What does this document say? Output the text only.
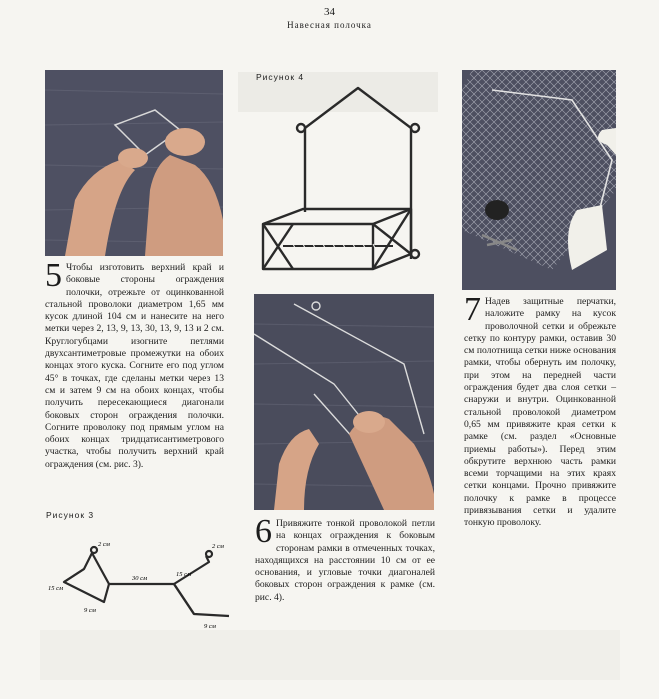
34
Навесная полочка
Рисунок 4
5 Чтобы изготовить верхний край и боковые стороны ограждения полочки, отрежьте от оцинкованной стальной проволоки диаметром 1,65 мм кусок длиной 104 см и нанесите на него метки через 2, 13, 9, 13, 30, 13, 9, 13 и 2 см. Круглогубцами изогните петлями двухсантиметровые промежутки на обоих концах этого куска. Согните его под углом 45° в точках, где сделаны метки через 13 см и затем 9 см на обоих концах, чтобы получить пересекающиеся диагонали боковых сторон ограждения полочки. Согните проволоку под прямым углом на обоих концах тридцатисантиметрового участка, чтобы получить верхний край ограждения (см. рис. 3).
6 Привяжите тонкой проволокой петли на концах ограждения к боковым сторонам рамки в отмеченных точках, находящихся на расстоянии 10 см от ее основания, и угловые точки диагоналей боковых сторон ограждения к рамке (см. рис. 4).
7 Надев защитные перчатки, наложите рамку на кусок проволочной сетки и обрежьте сетку по контуру рамки, оставив 30 см полотнища сетки ниже основания рамки, чтобы обернуть им полочку, при этом на передней части ограждения будет два слоя сетки – снаружи и внутри. Оцинкованной стальной проволокой диаметром 0,65 мм привяжите края сетки к рамке (см. раздел «Основные приемы работы»). Перед этим обкрутите верхнюю часть рамки всеми торчащими на этих краях сетки концами. Прочно привяжите полочку к рамке в процессе привязывания сетки и удалите тонкую проволоку.
Рисунок 3
2 см	2 см
30 см
15 см
15 см
9 см
9 см
